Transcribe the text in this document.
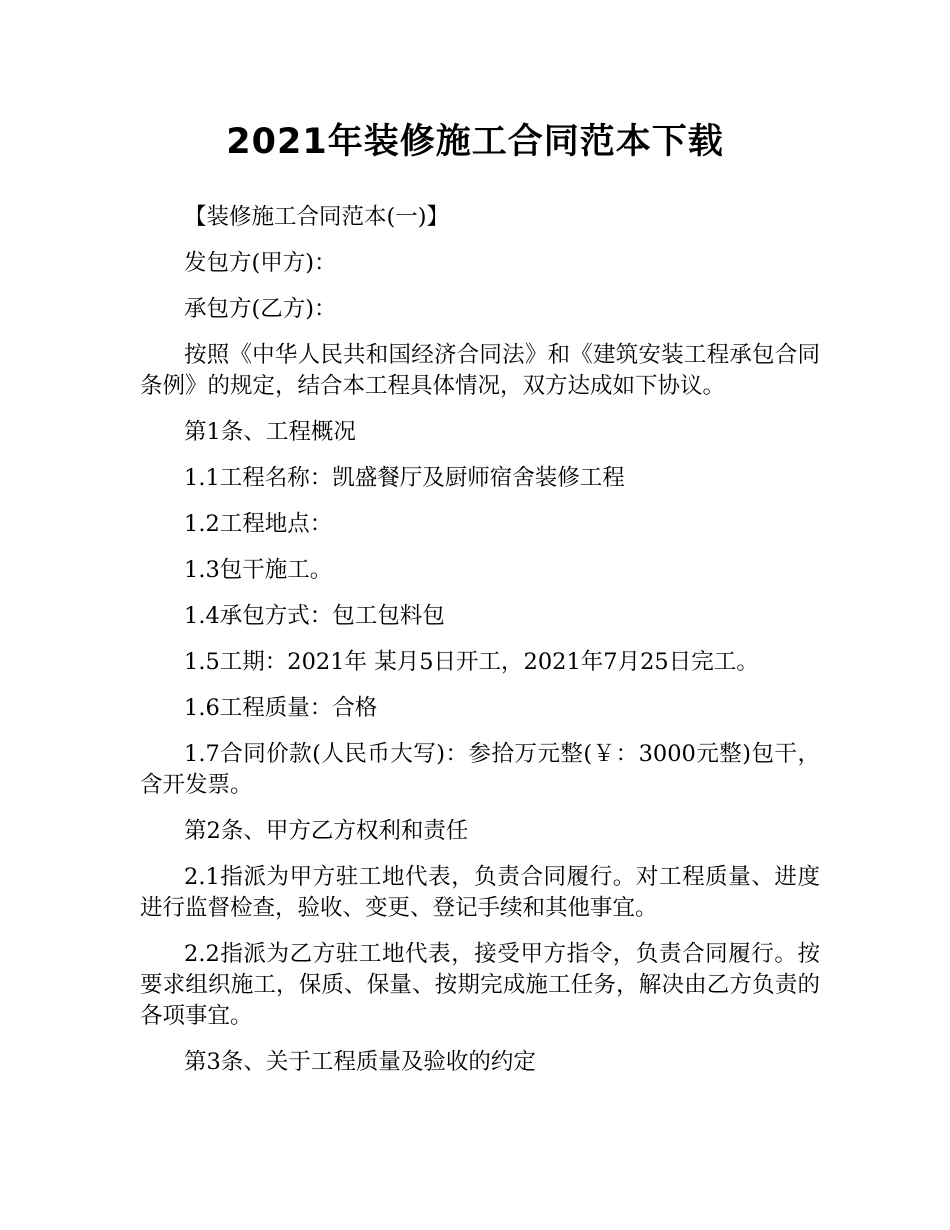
2021年装修施工合同范本下载

【装修施工合同范本(一)】

发包方(甲方)：

承包方(乙方)：

按照《中华人民共和国经济合同法》和《建筑安装工程承包合同条例》的规定，结合本工程具体情况，双方达成如下协议。

第1条、工程概况

1.1工程名称：凯盛餐厅及厨师宿舍装修工程

1.2工程地点：

1.3包干施工。

1.4承包方式：包工包料包

1.5工期：2021年 某月5日开工，2021年7月25日完工。

1.6工程质量：合格

1.7合同价款(人民币大写)：参拾万元整(￥：3000元整)包干，含开发票。

第2条、甲方乙方权利和责任

2.1指派为甲方驻工地代表，负责合同履行。对工程质量、进度进行监督检查，验收、变更、登记手续和其他事宜。

2.2指派为乙方驻工地代表，接受甲方指令，负责合同履行。按要求组织施工，保质、保量、按期完成施工任务，解决由乙方负责的各项事宜。

第3条、关于工程质量及验收的约定
